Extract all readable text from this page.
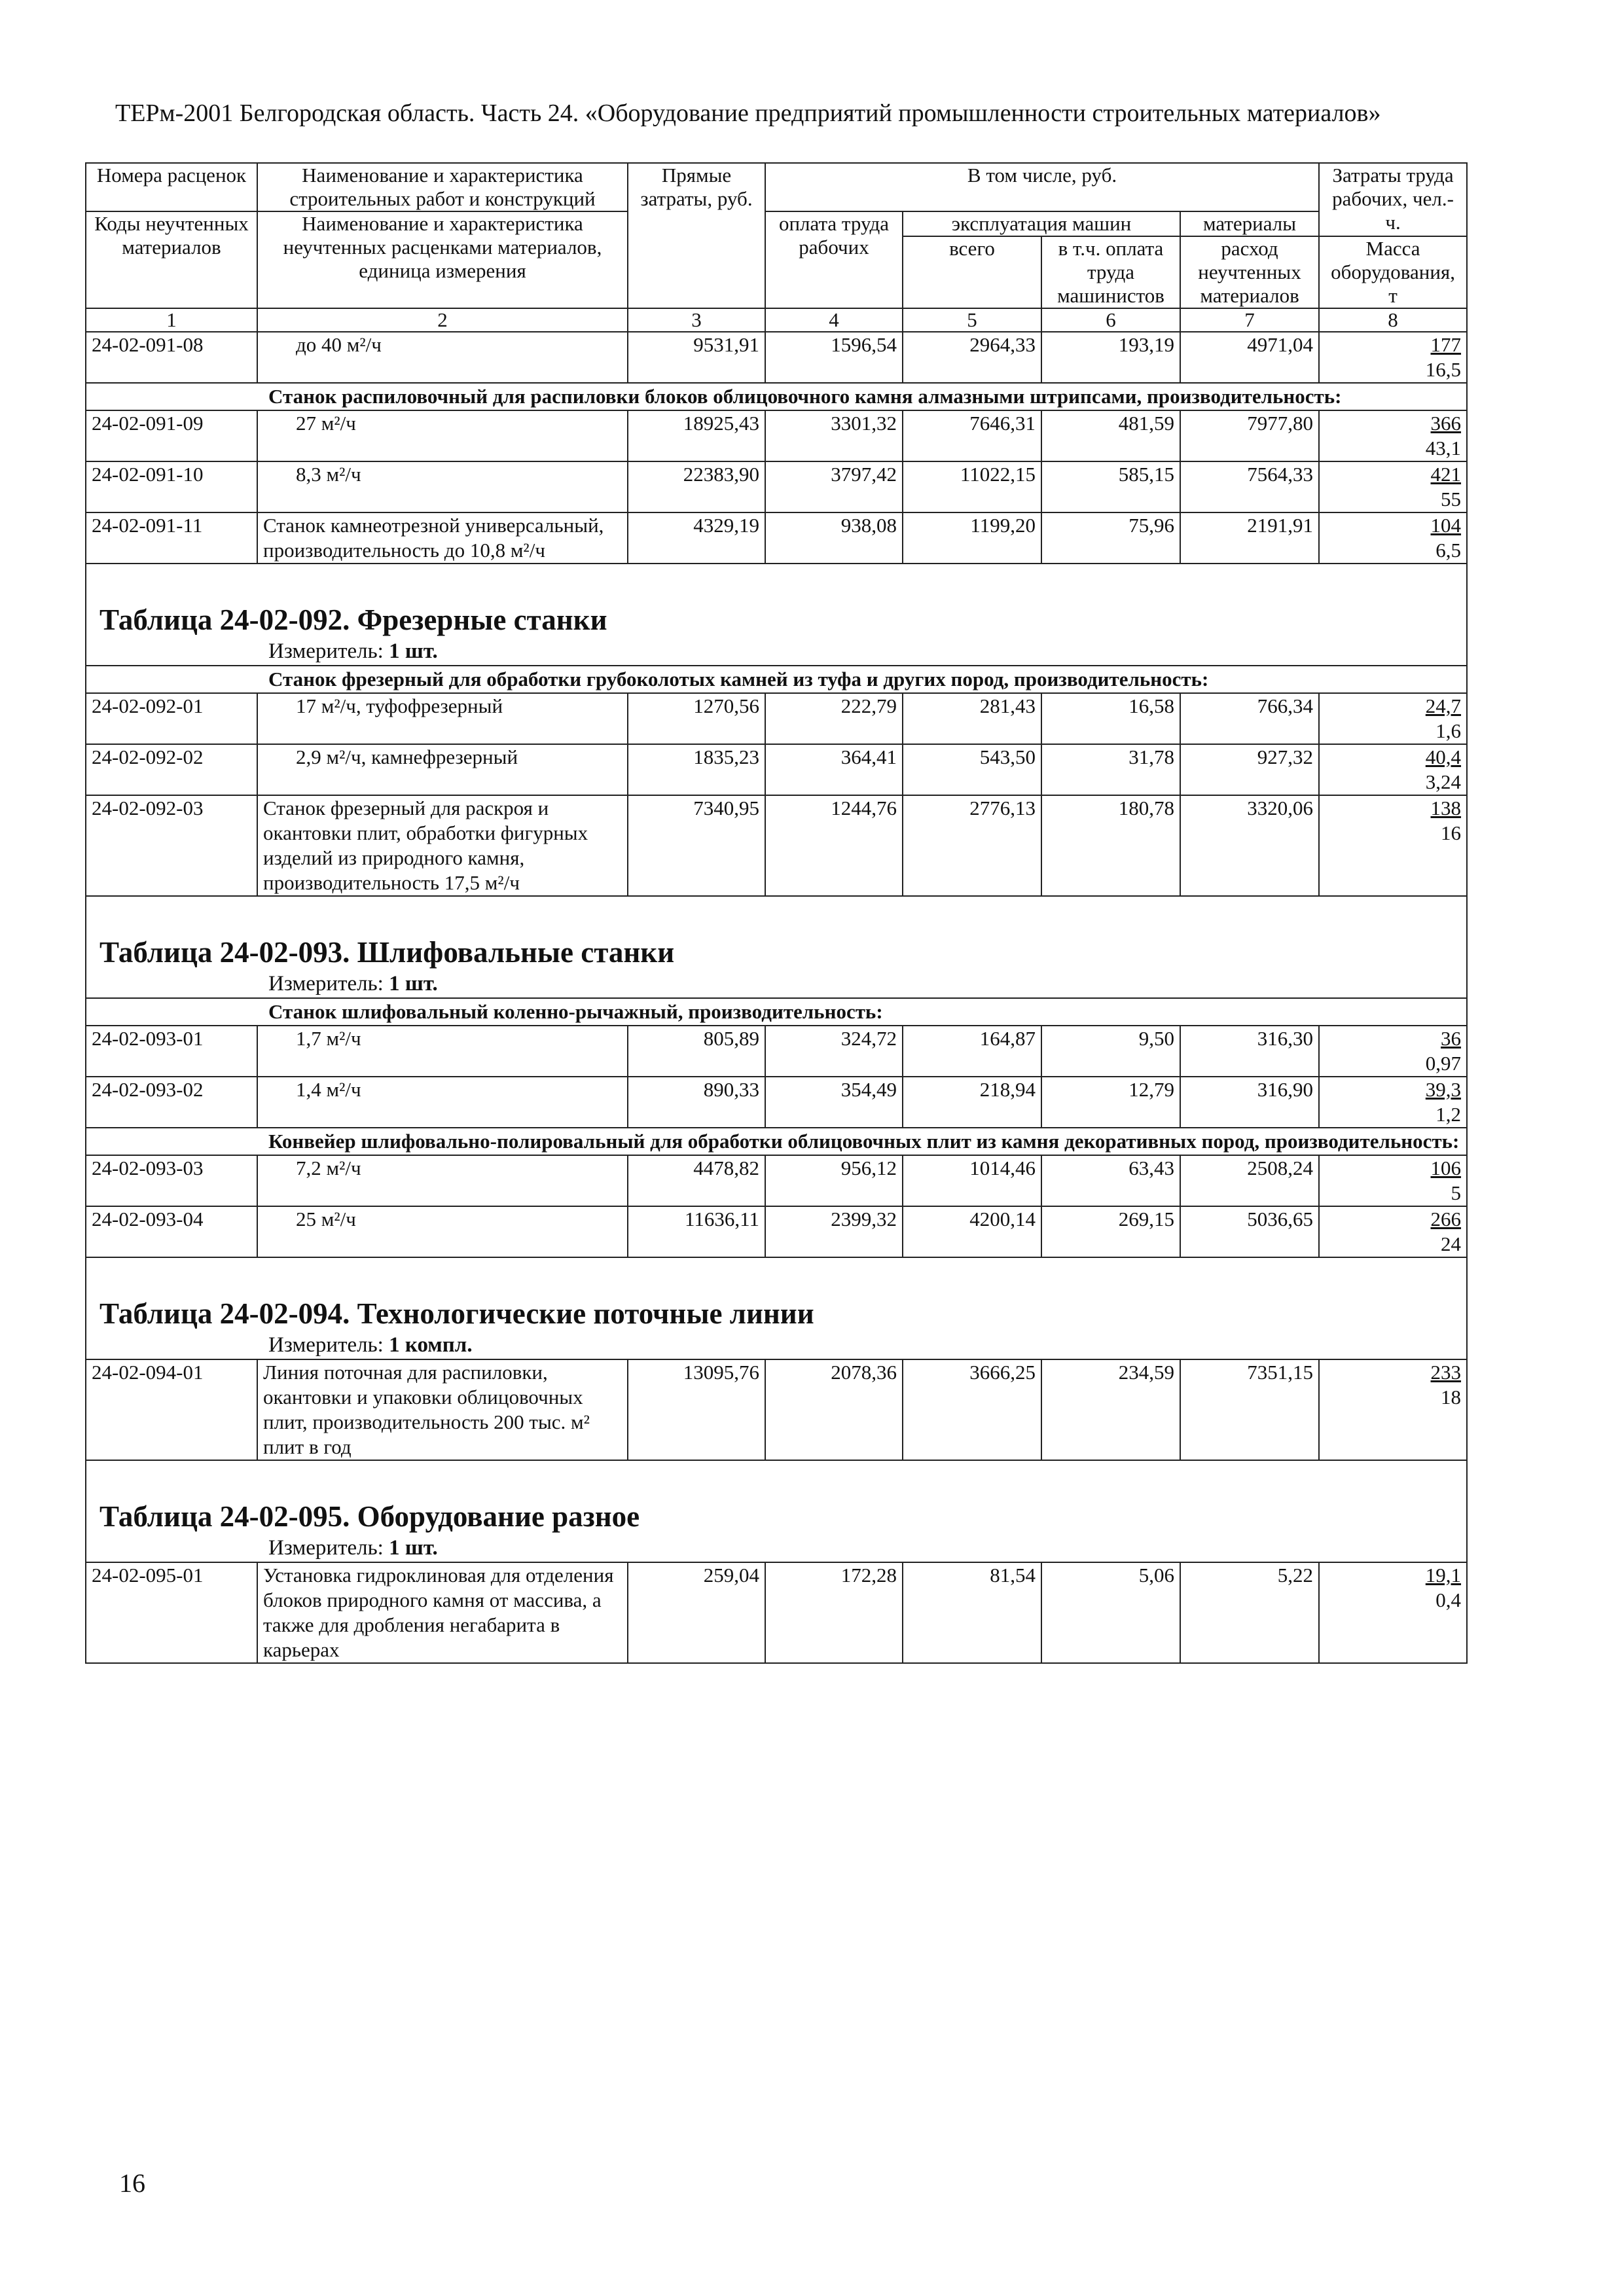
ТЕРм-2001 Белгородская область. Часть 24. «Оборудование предприятий промышленности строительных материалов»
Номера расценок	Наименование и характеристика строительных работ и конструкций	Прямые затраты, руб.	В том числе, руб.				Затраты труда рабочих, чел.-ч.
Коды неучтенных материалов	Наименование и характеристика неучтенных расценками материалов, единица измерения		оплата труда рабочих	эксплуатация машин		материалы	
				всего	в т.ч. оплата труда машинистов	расход неучтенных материалов	
							Масса оборудования, т
1	2	3	4	5	6	7	8
24-02-091-08	до 40 м²/ч	9531,91	1596,54	2964,33	193,19	4971,04	177
16,5

Станок распиловочный для распиловки блоков облицовочного камня алмазными штрипсами, производительность:							
24-02-091-09	27 м²/ч	18925,43	3301,32	7646,31	481,59	7977,80	366
43,1

24-02-091-10	8,3 м²/ч	22383,90	3797,42	11022,15	585,15	7564,33	421
55

24-02-091-11	Станок камнеотрезной универсальный, производительность до 10,8 м²/ч	4329,19	938,08	1199,20	75,96	2191,91	104
6,5

Таблица 24-02-092. Фрезерные станки							
Измеритель: 1 шт.							
Станок фрезерный для обработки грубоколотых камней из туфа и других пород, производительность:							
24-02-092-01	17 м²/ч, туфофрезерный	1270,56	222,79	281,43	16,58	766,34	24,7
1,6

24-02-092-02	2,9 м²/ч, камнефрезерный	1835,23	364,41	543,50	31,78	927,32	40,4
3,24

24-02-092-03	Станок фрезерный для раскроя и окантовки плит, обработки фигурных изделий из природного камня, производительность 17,5 м²/ч	7340,95	1244,76	2776,13	180,78	3320,06	138
16

Таблица 24-02-093. Шлифовальные станки							
Измеритель: 1 шт.							
Станок шлифовальный коленно-рычажный, производительность:							
24-02-093-01	1,7 м²/ч	805,89	324,72	164,87	9,50	316,30	36
0,97

24-02-093-02	1,4 м²/ч	890,33	354,49	218,94	12,79	316,90	39,3
1,2

Конвейер шлифовально-полировальный для обработки облицовочных плит из камня декоративных пород, производительность:							
24-02-093-03	7,2 м²/ч	4478,82	956,12	1014,46	63,43	2508,24	106
5

24-02-093-04	25 м²/ч	11636,11	2399,32	4200,14	269,15	5036,65	266
24

Таблица 24-02-094. Технологические поточные линии							
Измеритель: 1 компл.							
24-02-094-01	Линия поточная для распиловки, окантовки и упаковки облицовочных плит, производительность 200 тыс. м² плит в год	13095,76	2078,36	3666,25	234,59	7351,15	233
18

Таблица 24-02-095. Оборудование разное							
Измеритель: 1 шт.							
24-02-095-01	Установка гидроклиновая для отделения блоков природного камня от массива, а также для дробления негабарита в карьерах	259,04	172,28	81,54	5,06	5,22	19,1
0,4
16
